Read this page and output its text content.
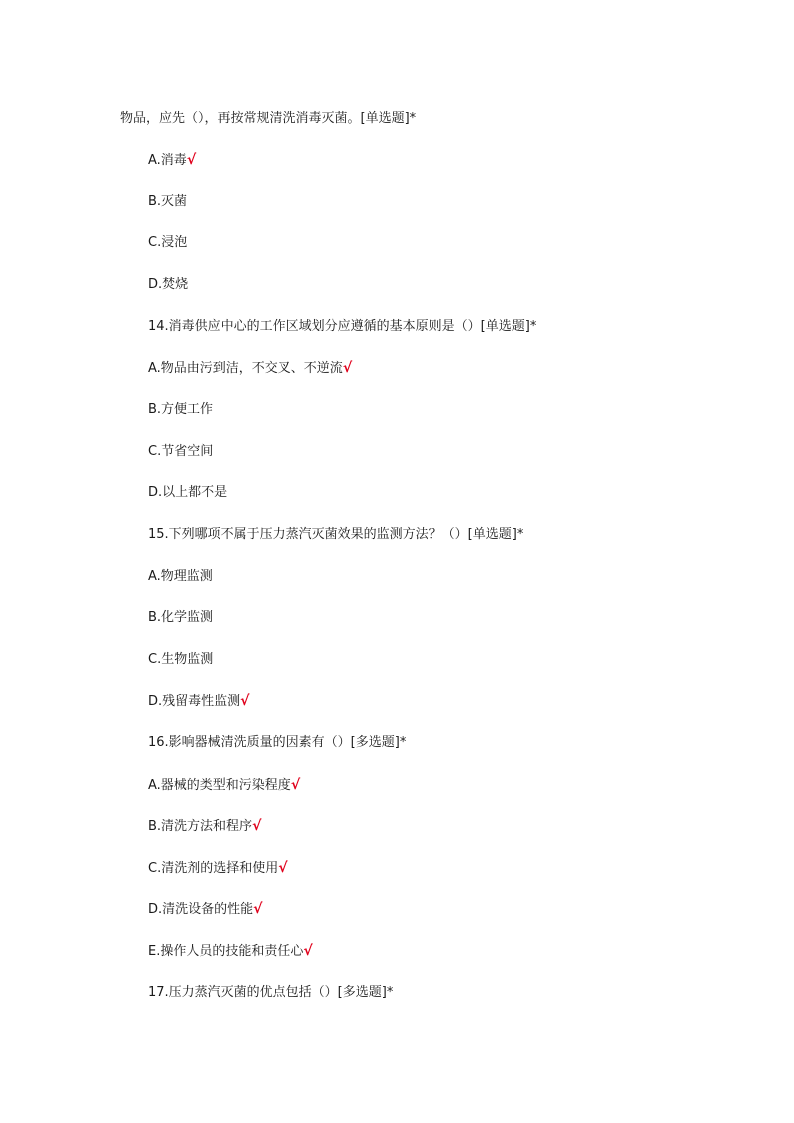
物品，应先（），再按常规清洗消毒灭菌。[单选题]*
A.消毒√
B.灭菌
C.浸泡
D.焚烧
14.消毒供应中心的工作区域划分应遵循的基本原则是（）[单选题]*
A.物品由污到洁，不交叉、不逆流√
B.方便工作
C.节省空间
D.以上都不是
15.下列哪项不属于压力蒸汽灭菌效果的监测方法？（）[单选题]*
A.物理监测
B.化学监测
C.生物监测
D.残留毒性监测√
16.影响器械清洗质量的因素有（）[多选题]*
A.器械的类型和污染程度√
B.清洗方法和程序√
C.清洗剂的选择和使用√
D.清洗设备的性能√
E.操作人员的技能和责任心√
17.压力蒸汽灭菌的优点包括（）[多选题]*
